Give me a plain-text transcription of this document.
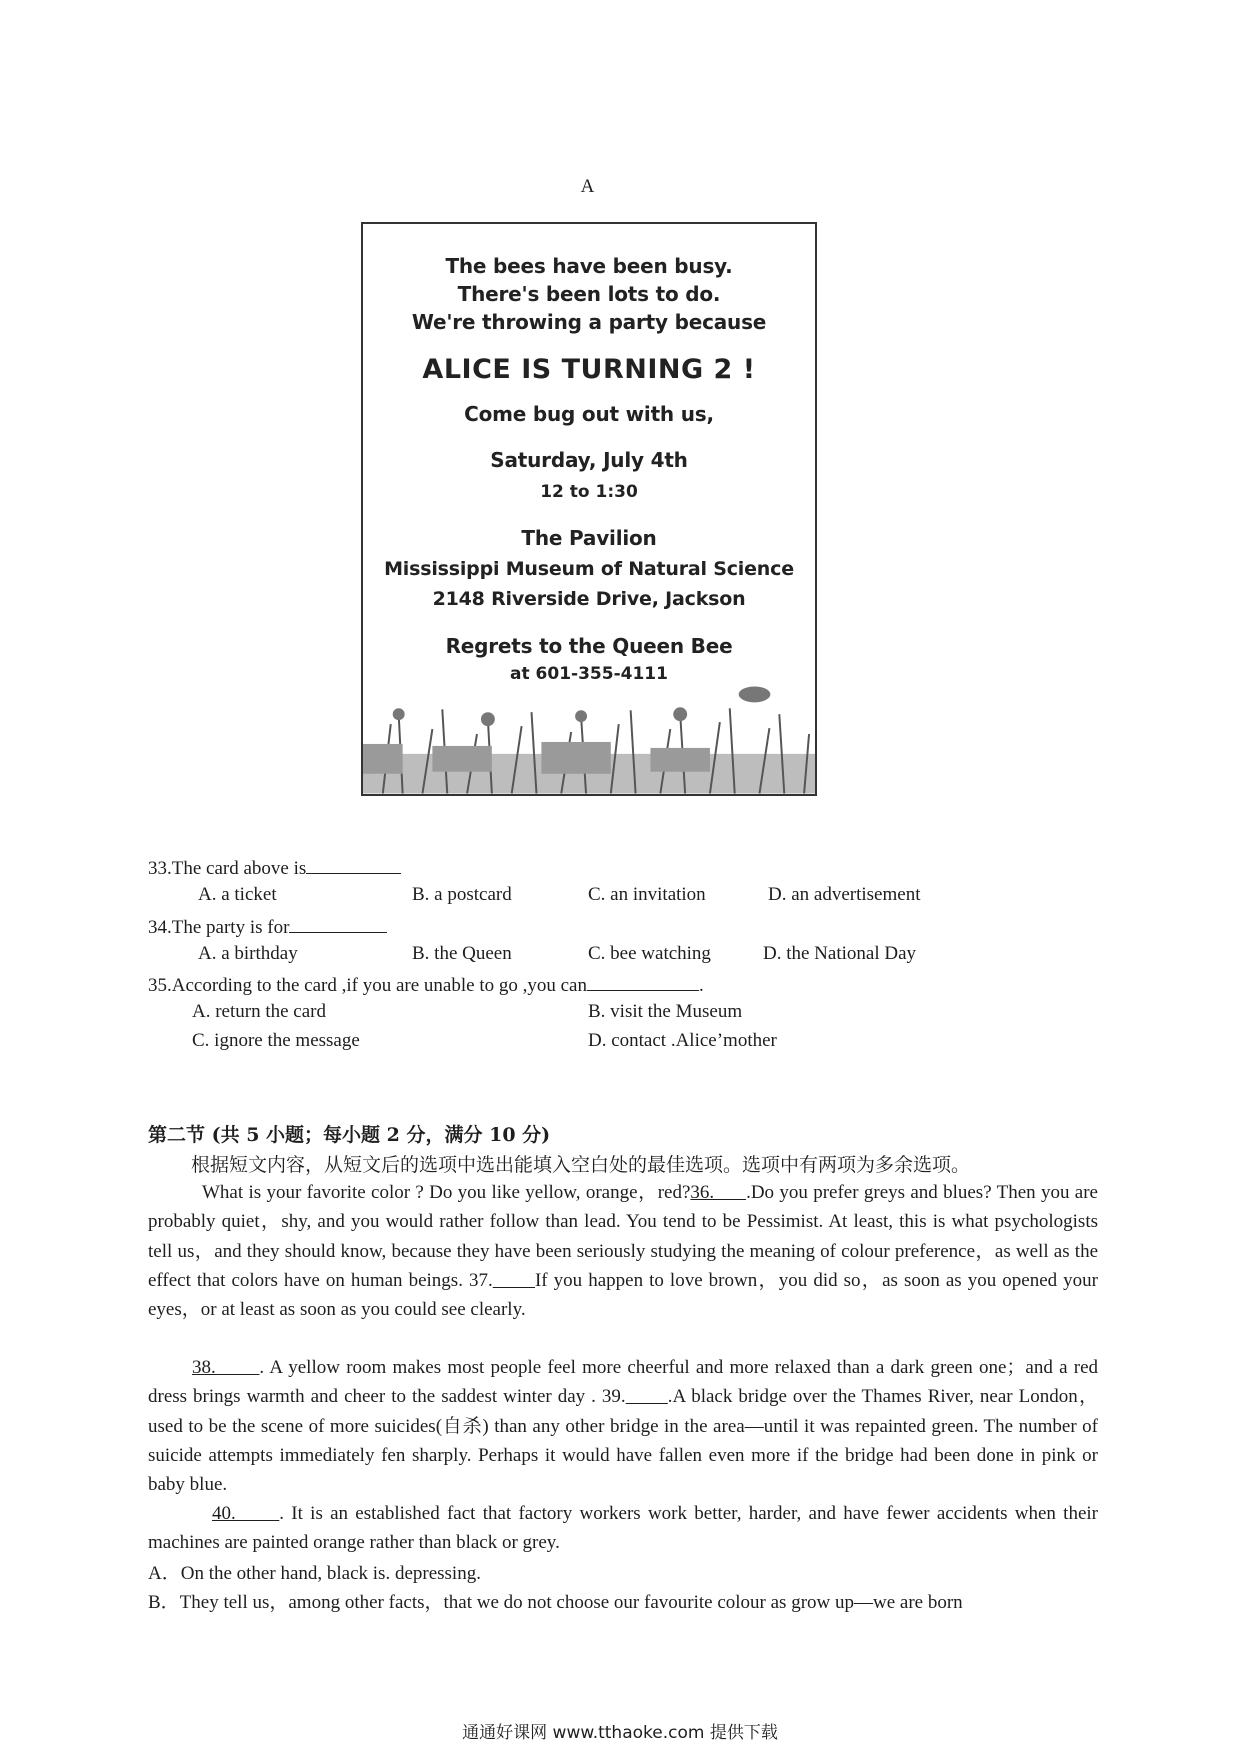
A
The bees have been busy.
There's been lots to do.
We're throwing a party because
ALICE IS TURNING 2 !
Come bug out with us,
Saturday, July 4th
12 to 1:30
The Pavilion
Mississippi Museum of Natural Science
2148 Riverside Drive, Jackson
Regrets to the Queen Bee
at 601-355-4111
33.The card above is
A. a ticket	B. a postcard	C. an invitation	D. an advertisement
34.The party is for
A. a birthday	B. the Queen	C. bee watching	D. the National Day
35.According to the card ,if you are unable to go ,you can	.
A. return the card	B. visit the Museum
C. ignore the message	D. contact .Alice’mother
第二节 (共 5 小题；每小题 2 分，满分 10 分)
根据短文内容，从短文后的选项中选出能填入空白处的最佳选项。选项中有两项为多余选项。

What is your favorite color ? Do you like yellow, orange，red?36.      .Do you prefer greys and blues? Then you are probably quiet，shy, and you would rather follow than lead. You tend to be Pessimist. At least, this is what psychologists tell us，and they should know, because they have been seriously studying the meaning of colour preference，as well as the effect that colors have on human beings. 37. If you happen to love brown，you did so，as soon as you opened your eyes，or at least as soon as you could see clearly.

38.       . A yellow room makes most people feel more cheerful and more relaxed than a dark green one；and a red dress brings warmth and cheer to the saddest winter day . 39. .A black bridge over the Thames River, near London，used to be the scene of more suicides(自杀) than any other bridge in the area—until it was repainted green. The number of suicide attempts immediately fen sharply. Perhaps it would have fallen even more if the bridge had been done in pink or baby blue.

40.      . It is an established fact that factory workers work better, harder, and have fewer accidents when their machines are painted orange rather than black or grey.

A．On the other hand, black is. depressing.
B．They tell us，among other facts，that we do not choose our favourite colour as grow up—we are born
通通好课网 www.tthaoke.com 提供下载
